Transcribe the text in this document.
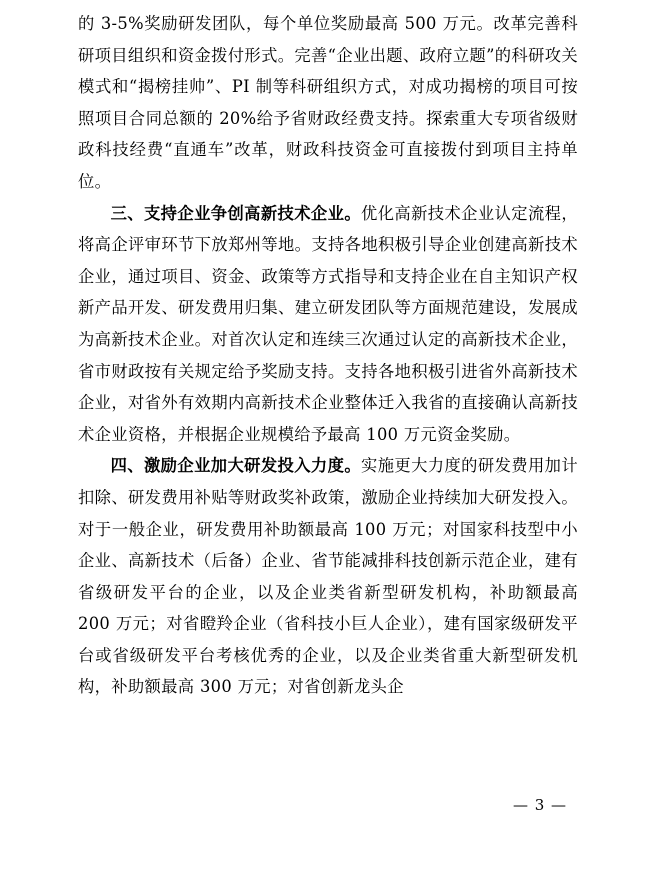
的 3-5%奖励研发团队，每个单位奖励最高 500 万元。改革完善科研项目组织和资金拨付形式。完善“企业出题、政府立题”的科研攻关模式和“揭榜挂帅”、PI 制等科研组织方式，对成功揭榜的项目可按照项目合同总额的 20%给予省财政经费支持。探索重大专项省级财政科技经费“直通车”改革，财政科技资金可直接拨付到项目主持单位。

三、支持企业争创高新技术企业。优化高新技术企业认定流程，将高企评审环节下放郑州等地。支持各地积极引导企业创建高新技术企业，通过项目、资金、政策等方式指导和支持企业在自主知识产权新产品开发、研发费用归集、建立研发团队等方面规范建设，发展成为高新技术企业。对首次认定和连续三次通过认定的高新技术企业，省市财政按有关规定给予奖励支持。支持各地积极引进省外高新技术企业，对省外有效期内高新技术企业整体迁入我省的直接确认高新技术企业资格，并根据企业规模给予最高 100 万元资金奖励。

四、激励企业加大研发投入力度。实施更大力度的研发费用加计扣除、研发费用补贴等财政奖补政策，激励企业持续加大研发投入。对于一般企业，研发费用补助额最高 100 万元；对国家科技型中小企业、高新技术（后备）企业、省节能减排科技创新示范企业，建有省级研发平台的企业，以及企业类省新型研发机构，补助额最高 200 万元；对省瞪羚企业（省科技小巨人企业），建有国家级研发平台或省级研发平台考核优秀的企业，以及企业类省重大新型研发机构，补助额最高 300 万元；对省创新龙头企

— 3 —
